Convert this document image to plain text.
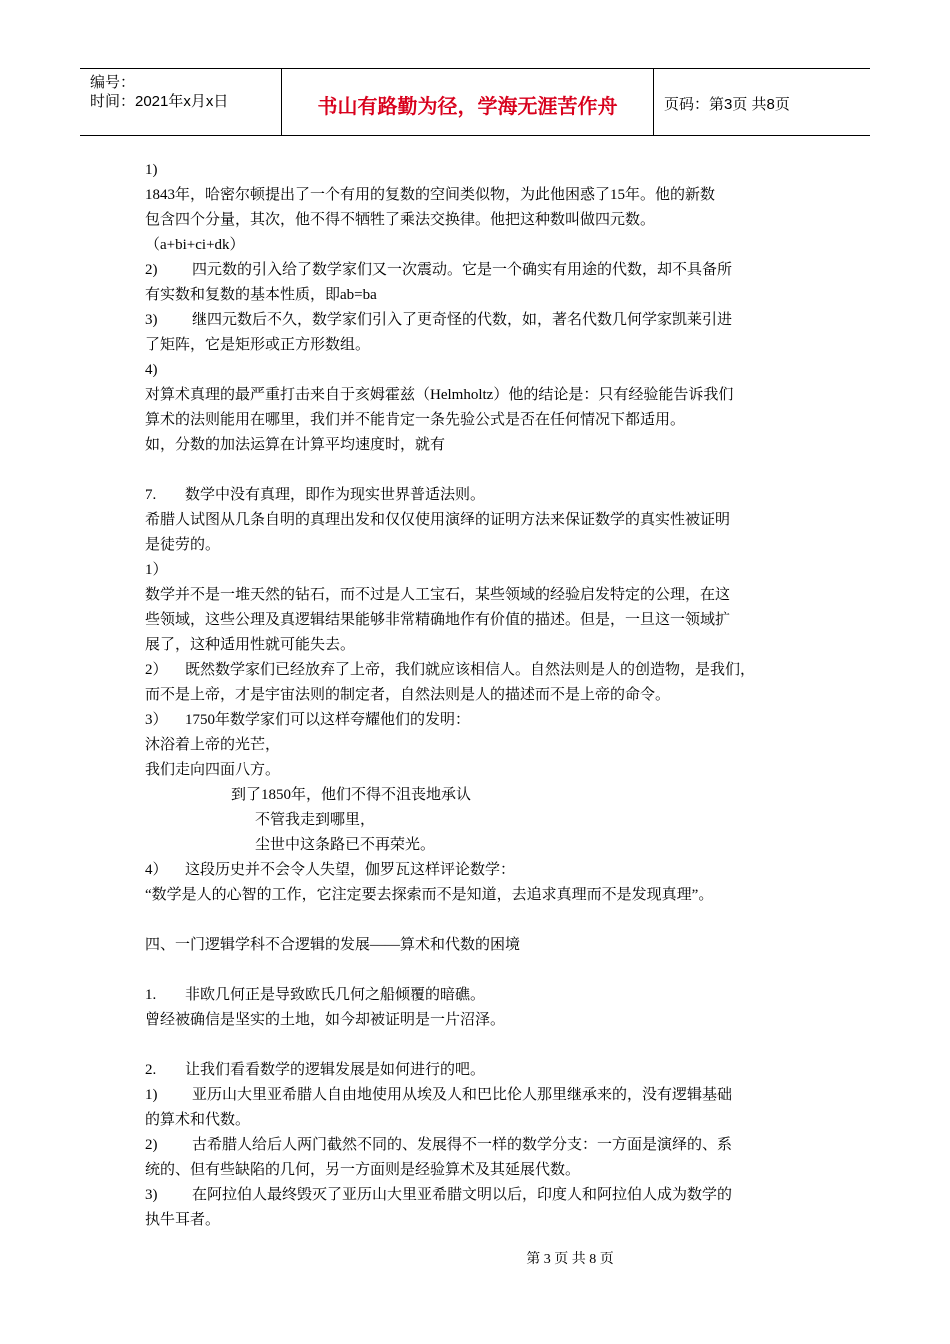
编号：
时间：2021年x月x日	书山有路勤为径，学海无涯苦作舟	页码：第3页 共8页

1)

1843年，哈密尔顿提出了一个有用的复数的空间类似物，为此他困惑了15年。他的新数

包含四个分量，其次，他不得不牺牲了乘法交换律。他把这种数叫做四元数。

（a+bi+ci+dk）

2) 四元数的引入给了数学家们又一次震动。它是一个确实有用途的代数，却不具备所

有实数和复数的基本性质，即ab=ba

3) 继四元数后不久，数学家们引入了更奇怪的代数，如，著名代数几何学家凯莱引进

了矩阵，它是矩形或正方形数组。

4)

对算术真理的最严重打击来自于亥姆霍兹（Helmholtz）他的结论是：只有经验能告诉我们

算术的法则能用在哪里，我们并不能肯定一条先验公式是否在任何情况下都适用。

如，分数的加法运算在计算平均速度时，就有

7. 数学中没有真理，即作为现实世界普适法则。

希腊人试图从几条自明的真理出发和仅仅使用演绎的证明方法来保证数学的真实性被证明

是徒劳的。

1）

数学并不是一堆天然的钻石，而不过是人工宝石，某些领域的经验启发特定的公理，在这

些领域，这些公理及真逻辑结果能够非常精确地作有价值的描述。但是，一旦这一领域扩

展了，这种适用性就可能失去。

2） 既然数学家们已经放弃了上帝，我们就应该相信人。自然法则是人的创造物，是我们，

而不是上帝，才是宇宙法则的制定者，自然法则是人的描述而不是上帝的命令。

3） 1750年数学家们可以这样夸耀他们的发明：

沐浴着上帝的光芒，

我们走向四面八方。

到了1850年，他们不得不沮丧地承认

不管我走到哪里，

尘世中这条路已不再荣光。

4） 这段历史并不会令人失望，伽罗瓦这样评论数学：

“数学是人的心智的工作，它注定要去探索而不是知道，去追求真理而不是发现真理”。

四、一门逻辑学科不合逻辑的发展——算术和代数的困境

1. 非欧几何正是导致欧氏几何之船倾覆的暗礁。

曾经被确信是坚实的土地，如今却被证明是一片沼泽。

2. 让我们看看数学的逻辑发展是如何进行的吧。

1) 亚历山大里亚希腊人自由地使用从埃及人和巴比伦人那里继承来的，没有逻辑基础

的算术和代数。

2) 古希腊人给后人两门截然不同的、发展得不一样的数学分支：一方面是演绎的、系

统的、但有些缺陷的几何，另一方面则是经验算术及其延展代数。

3) 在阿拉伯人最终毁灭了亚历山大里亚希腊文明以后，印度人和阿拉伯人成为数学的

执牛耳者。

第 3 页 共 8 页
